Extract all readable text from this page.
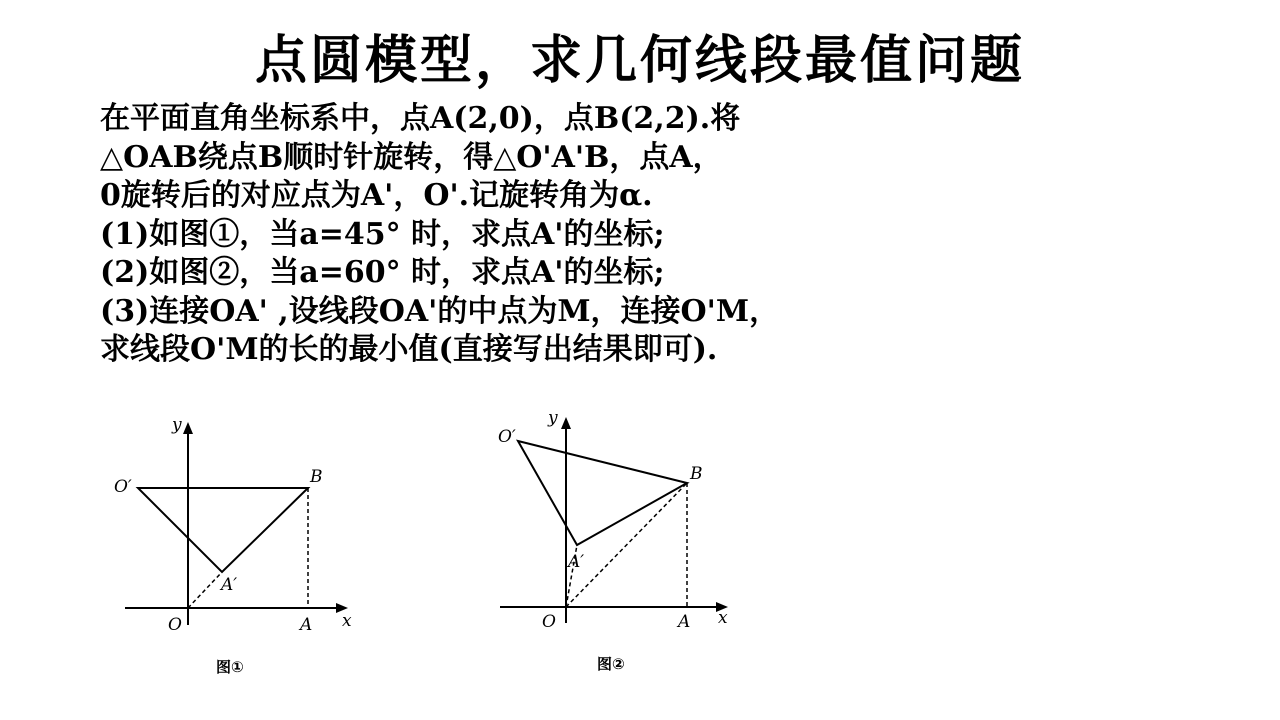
点圆模型，求几何线段最值问题
在平面直角坐标系中，点A(2,0)，点B(2,2).将
△OAB绕点B顺时针旋转，得△O'A'B，点A，
0旋转后的对应点为A'，O'.记旋转角为α.
(1)如图①，当a=45° 时，求点A'的坐标;
(2)如图②，当a=60° 时，求点A'的坐标;
(3)连接OA' ,设线段OA'的中点为M，连接O'M，
求线段O'M的长的最小值(直接写出结果即可).
y
x
O	A
B
O′
A′
图①
y
x
O	A
B
O′
A′
图②
